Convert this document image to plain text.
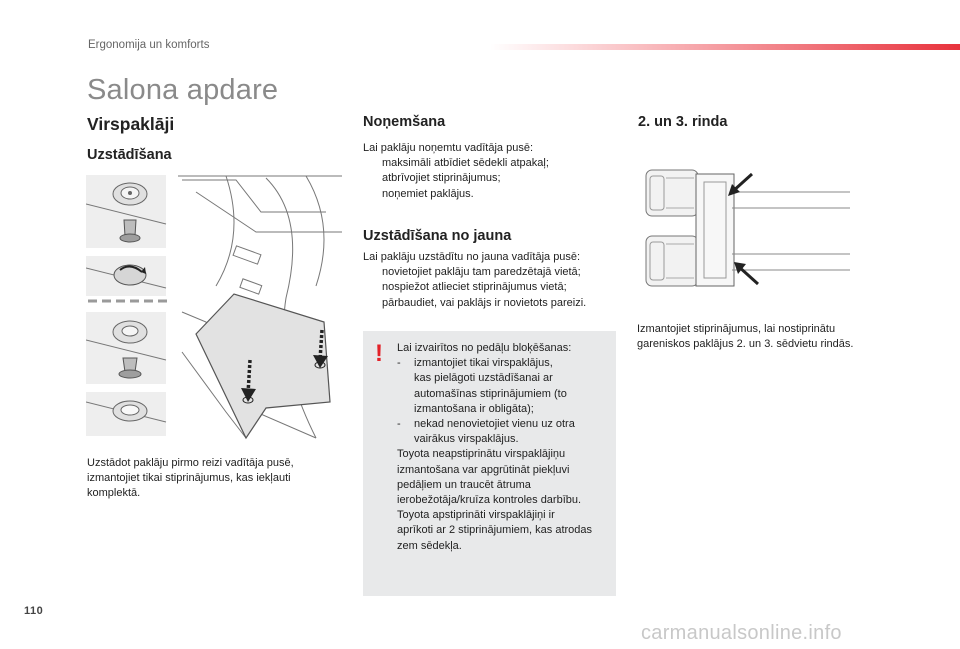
Ergonomija un komforts
Salona apdare
Virspaklāji
Uzstādīšana
Uzstādot paklāju pirmo reizi vadītāja pusē,
izmantojiet tikai stiprinājumus, kas iekļauti
komplektā.
Noņemšana
Lai paklāju noņemtu vadītāja pusē:
maksimāli atbīdiet sēdekli atpakaļ;
atbrīvojiet stiprinājumus;
noņemiet paklājus.
Uzstādīšana no jauna
Lai paklāju uzstādītu no jauna vadītāja pusē:
novietojiet paklāju tam paredzētajā vietā;
nospiežot atlieciet stiprinājumus vietā;
pārbaudiet, vai paklājs ir novietots pareizi.
! Lai izvairītos no pedāļu bloķēšanas:
- izmantojiet tikai virspaklājus,
kas pielāgoti uzstādīšanai ar
automašīnas stiprinājumiem (to
izmantošana ir obligāta);
- nekad nenovietojiet vienu uz otra
vairākus virspaklājus.
Toyota neapstiprinātu virspaklājiņu
izmantošana var apgrūtināt piekļuvi
pedāļiem un traucēt ātruma
ierobežotāja/kruīza kontroles darbību.
Toyota apstiprināti virspaklājiņi ir
aprīkoti ar 2 stiprinājumiem, kas atrodas
zem sēdekļa.
2. un 3. rinda
Izmantojiet stiprinājumus, lai nostiprinātu
gareniskos paklājus 2. un 3. sēdvietu rindās.
110
carmanualsonline.info
